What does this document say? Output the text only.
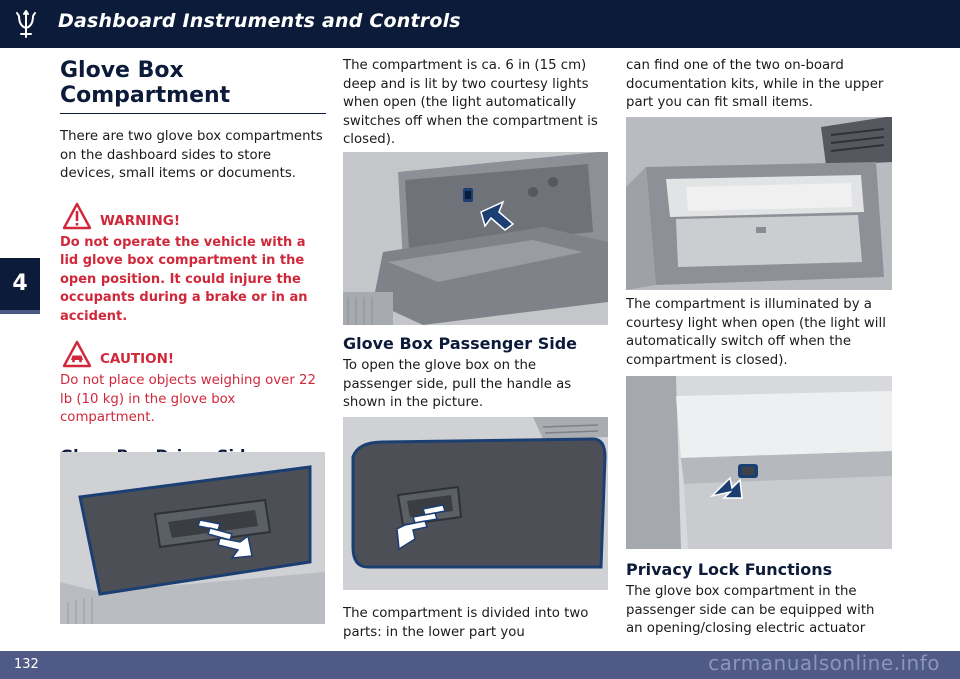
Dashboard Instruments and Controls
4
Glove Box Compartment

There are two glove box compartments on the dashboard sides to store devices, small items or documents.

WARNING!

Do not operate the vehicle with a lid glove box compartment in the open position. It could injure the occupants during a brake or in an accident.

CAUTION!

Do not place objects weighing over 22 lb (10 kg) in the glove box compartment.

The compartment is ca. 6 in (15 cm) deep and is lit by two courtesy lights when open (the light automatically switches off when the compartment is closed).

Glove Box Passenger Side

To open the glove box on the passenger side, pull the handle as shown in the picture.

The compartment is divided into two parts: in the lower part you

can find one of the two on-board documentation kits, while in the upper part you can fit small items.

The compartment is illuminated by a courtesy light when open (the light will automatically switch off when the compartment is closed).

Privacy Lock Functions

The glove box compartment in the passenger side can be equipped with an opening/closing electric actuator

132	carmanualsonline.info
